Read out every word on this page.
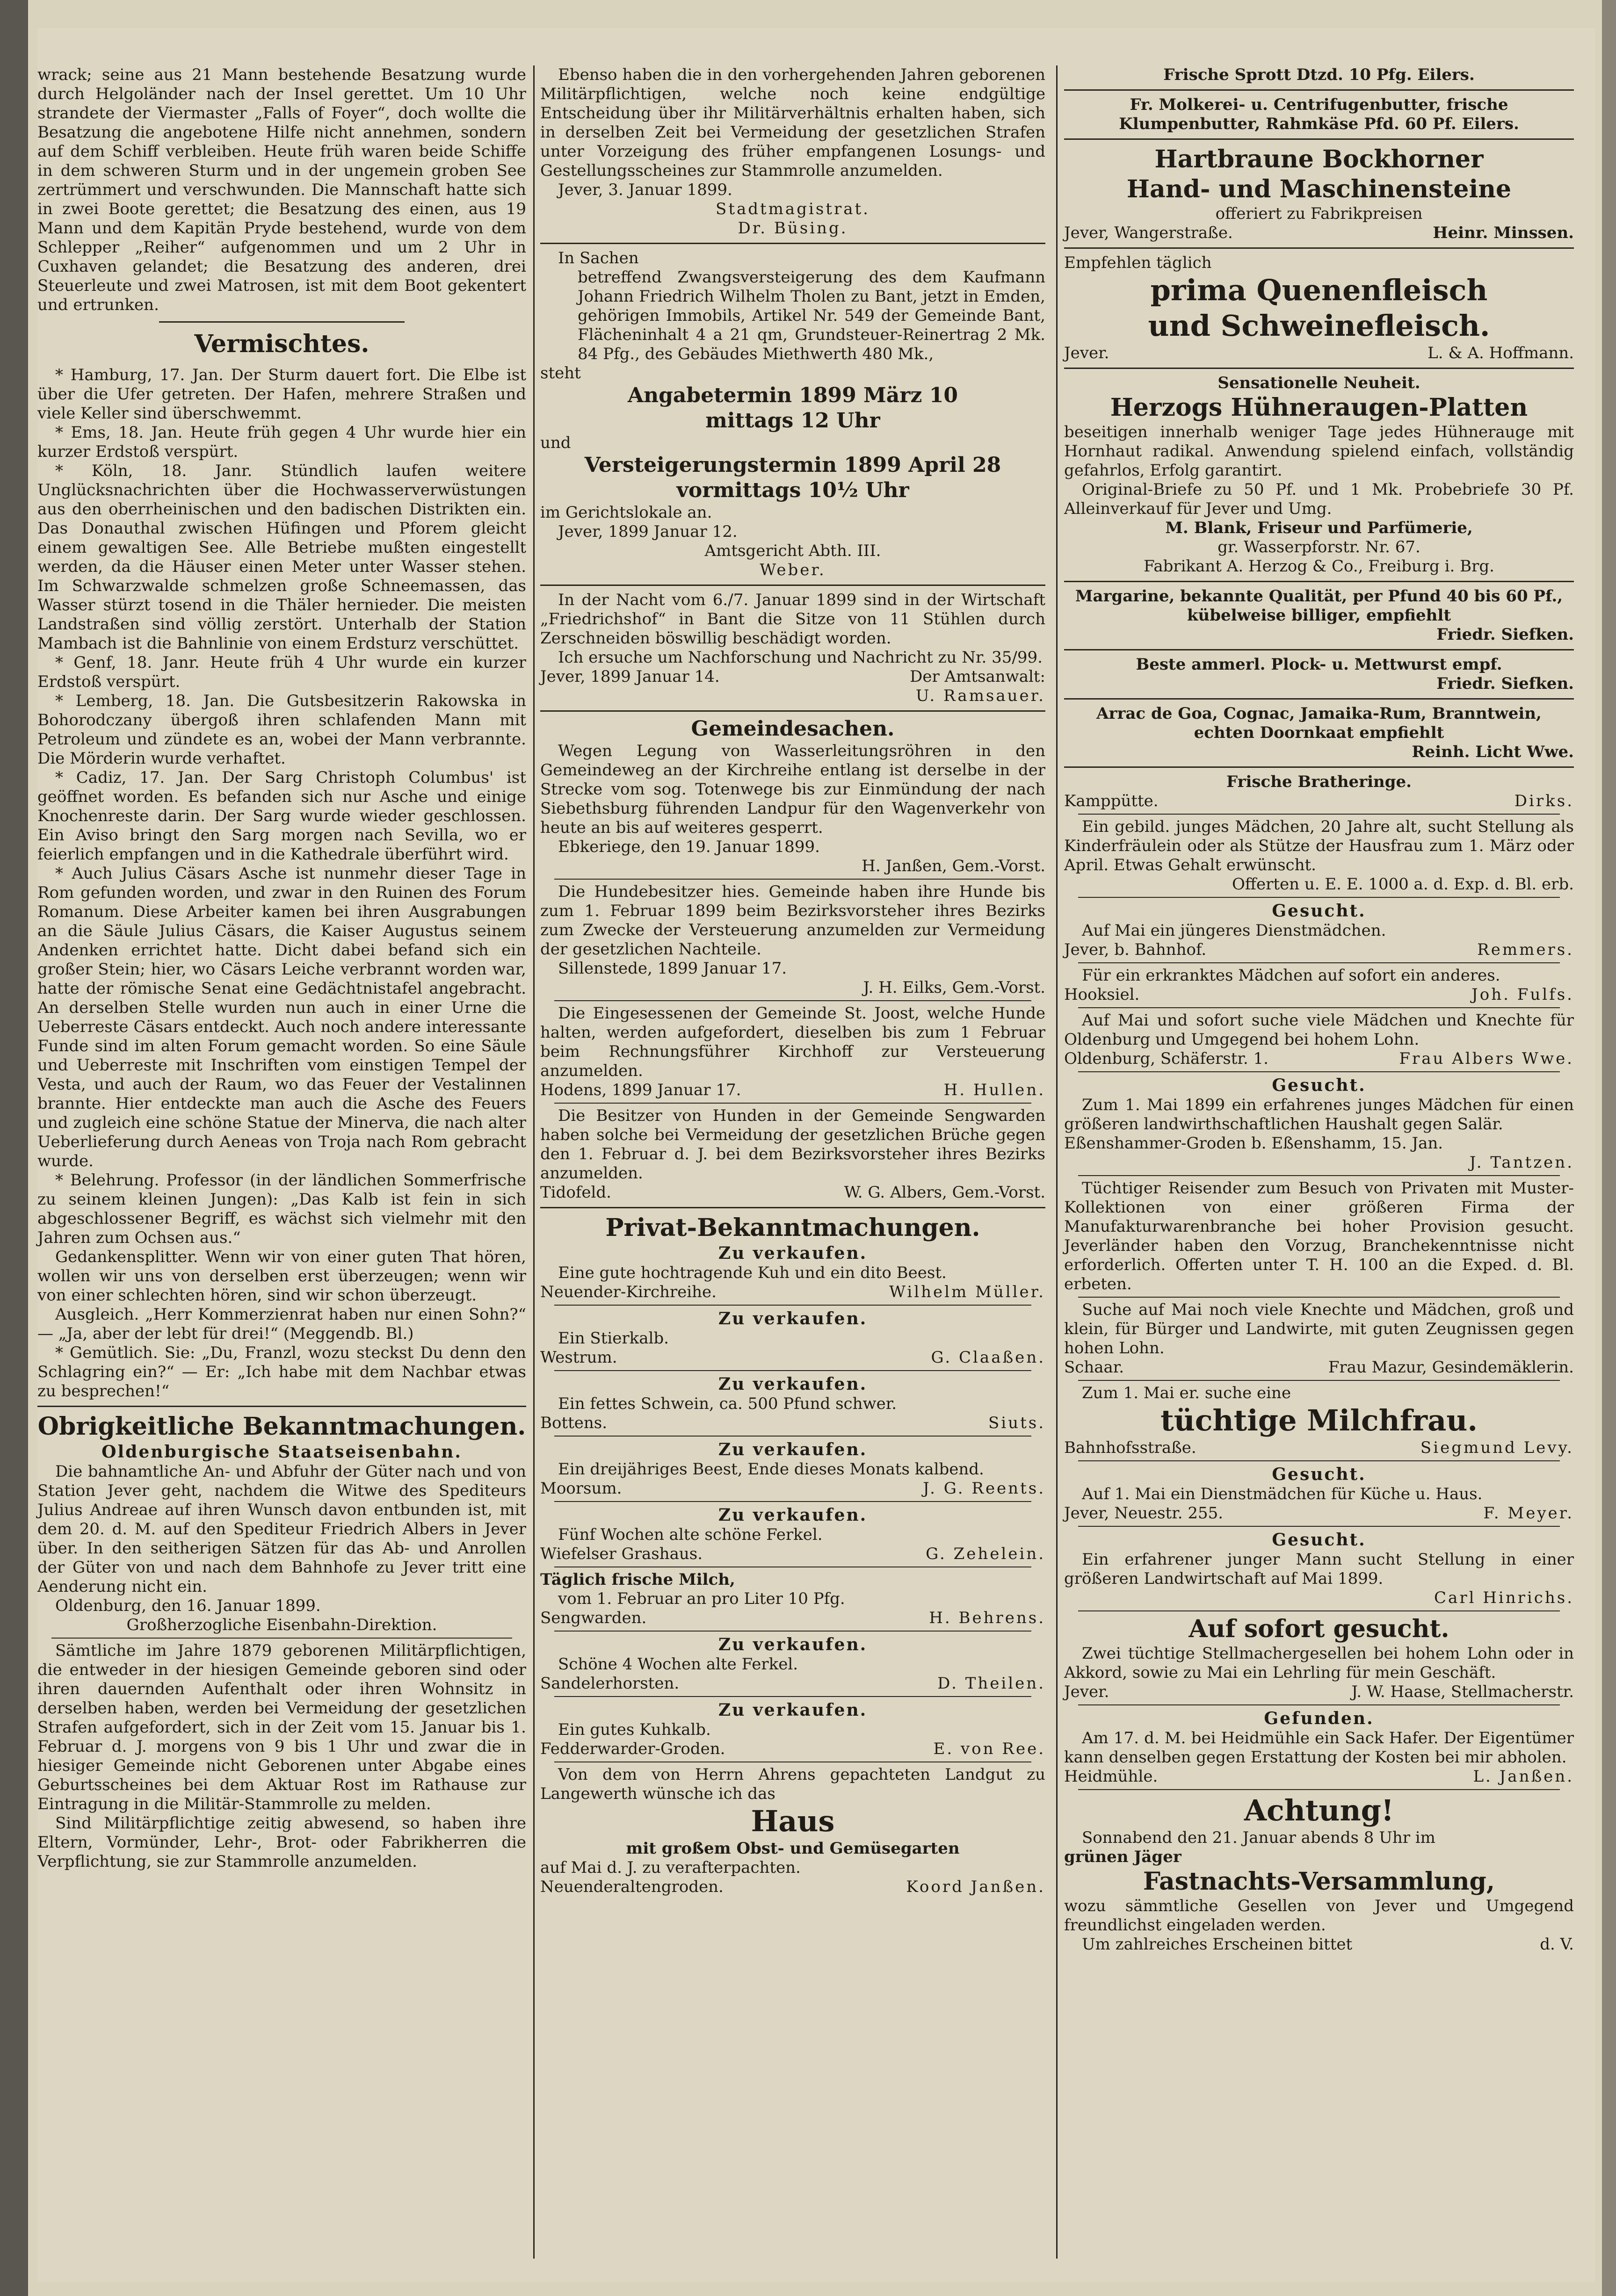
wrack; seine aus 21 Mann bestehende Besatzung wurde durch Helgoländer nach der Insel gerettet. Um 10 Uhr strandete der Viermaster „Falls of Foyer“, doch wollte die Besatzung die angebotene Hilfe nicht annehmen, sondern auf dem Schiff verbleiben. Heute früh waren beide Schiffe in dem schweren Sturm und in der ungemein groben See zertrümmert und verschwunden. Die Mannschaft hatte sich in zwei Boote gerettet; die Besatzung des einen, aus 19 Mann und dem Kapitän Pryde bestehend, wurde von dem Schlepper „Reiher“ aufgenommen und um 2 Uhr in Cuxhaven gelandet; die Besatzung des anderen, drei Steuerleute und zwei Matrosen, ist mit dem Boot gekentert und ertrunken.

Vermischtes.

* Hamburg, 17. Jan. Der Sturm dauert fort. Die Elbe ist über die Ufer getreten. Der Hafen, mehrere Straßen und viele Keller sind überschwemmt.

* Ems, 18. Jan. Heute früh gegen 4 Uhr wurde hier ein kurzer Erdstoß verspürt.

* Köln, 18. Janr. Stündlich laufen weitere Unglücksnachrichten über die Hochwasserverwüstungen aus den oberrheinischen und den badischen Distrikten ein. Das Donauthal zwischen Hüfingen und Pforem gleicht einem gewaltigen See. Alle Betriebe mußten eingestellt werden, da die Häuser einen Meter unter Wasser stehen. Im Schwarzwalde schmelzen große Schneemassen, das Wasser stürzt tosend in die Thäler hernieder. Die meisten Landstraßen sind völlig zerstört. Unterhalb der Station Mambach ist die Bahnlinie von einem Erdsturz verschüttet.

* Genf, 18. Janr. Heute früh 4 Uhr wurde ein kurzer Erdstoß verspürt.

* Lemberg, 18. Jan. Die Gutsbesitzerin Rakowska in Bohorodczany übergoß ihren schlafenden Mann mit Petroleum und zündete es an, wobei der Mann verbrannte. Die Mörderin wurde verhaftet.

* Cadiz, 17. Jan. Der Sarg Christoph Columbus' ist geöffnet worden. Es befanden sich nur Asche und einige Knochenreste darin. Der Sarg wurde wieder geschlossen. Ein Aviso bringt den Sarg morgen nach Sevilla, wo er feierlich empfangen und in die Kathedrale überführt wird.

* Auch Julius Cäsars Asche ist nunmehr dieser Tage in Rom gefunden worden, und zwar in den Ruinen des Forum Romanum. Diese Arbeiter kamen bei ihren Ausgrabungen an die Säule Julius Cäsars, die Kaiser Augustus seinem Andenken errichtet hatte. Dicht dabei befand sich ein großer Stein; hier, wo Cäsars Leiche verbrannt worden war, hatte der römische Senat eine Gedächtnistafel angebracht. An derselben Stelle wurden nun auch in einer Urne die Ueberreste Cäsars entdeckt. Auch noch andere interessante Funde sind im alten Forum gemacht worden. So eine Säule und Ueberreste mit Inschriften vom einstigen Tempel der Vesta, und auch der Raum, wo das Feuer der Vestalinnen brannte. Hier entdeckte man auch die Asche des Feuers und zugleich eine schöne Statue der Minerva, die nach alter Ueberlieferung durch Aeneas von Troja nach Rom gebracht wurde.

* Belehrung. Professor (in der ländlichen Sommerfrische zu seinem kleinen Jungen): „Das Kalb ist fein in sich abgeschlossener Begriff, es wächst sich vielmehr mit den Jahren zum Ochsen aus.“

Gedankensplitter. Wenn wir von einer guten That hören, wollen wir uns von derselben erst überzeugen; wenn wir von einer schlechten hören, sind wir schon überzeugt.

Ausgleich. „Herr Kommerzienrat haben nur einen Sohn?“ — „Ja, aber der lebt für drei!“ (Meggendb. Bl.)

* Gemütlich. Sie: „Du, Franzl, wozu steckst Du denn den Schlagring ein?“ — Er: „Ich habe mit dem Nachbar etwas zu besprechen!“

Obrigkeitliche Bekanntmachungen.
Oldenburgische Staatseisenbahn.

Die bahnamtliche An- und Abfuhr der Güter nach und von Station Jever geht, nachdem die Witwe des Spediteurs Julius Andreae auf ihren Wunsch davon entbunden ist, mit dem 20. d. M. auf den Spediteur Friedrich Albers in Jever über. In den seitherigen Sätzen für das Ab- und Anrollen der Güter von und nach dem Bahnhofe zu Jever tritt eine Aenderung nicht ein.

Oldenburg, den 16. Januar 1899.

Großherzogliche Eisenbahn-Direktion.

Sämtliche im Jahre 1879 geborenen Militärpflichtigen, die entweder in der hiesigen Gemeinde geboren sind oder ihren dauernden Aufenthalt oder ihren Wohnsitz in derselben haben, werden bei Vermeidung der gesetzlichen Strafen aufgefordert, sich in der Zeit vom 15. Januar bis 1. Februar d. J. morgens von 9 bis 1 Uhr und zwar die in hiesiger Gemeinde nicht Geborenen unter Abgabe eines Geburtsscheines bei dem Aktuar Rost im Rathause zur Eintragung in die Militär-Stammrolle zu melden.

Sind Militärpflichtige zeitig abwesend, so haben ihre Eltern, Vormünder, Lehr-, Brot- oder Fabrikherren die Verpflichtung, sie zur Stammrolle anzumelden.

Ebenso haben die in den vorhergehenden Jahren geborenen Militärpflichtigen, welche noch keine endgültige Entscheidung über ihr Militärverhältnis erhalten haben, sich in derselben Zeit bei Vermeidung der gesetzlichen Strafen unter Vorzeigung des früher empfangenen Losungs- und Gestellungsscheines zur Stammrolle anzumelden.

Jever, 3. Januar 1899.

Stadtmagistrat.

Dr. Büsing.

In Sachen

betreffend Zwangsversteigerung des dem Kaufmann Johann Friedrich Wilhelm Tholen zu Bant, jetzt in Emden, gehörigen Immobils, Artikel Nr. 549 der Gemeinde Bant, Flächeninhalt 4 a 21 qm, Grundsteuer-Reinertrag 2 Mk. 84 Pfg., des Gebäudes Miethwerth 480 Mk.,

steht

Angabetermin 1899 März 10
mittags 12 Uhr

und

Versteigerungstermin 1899 April 28
vormittags 10½ Uhr

im Gerichtslokale an.

Jever, 1899 Januar 12.

Amtsgericht Abth. III.

Weber.

In der Nacht vom 6./7. Januar 1899 sind in der Wirtschaft „Friedrichshof“ in Bant die Sitze von 11 Stühlen durch Zerschneiden böswillig beschädigt worden.

Ich ersuche um Nachforschung und Nachricht zu Nr. 35/99.

Jever, 1899 Januar 14.	Der Amtsanwalt:

U. Ramsauer.

Gemeindesachen.

Wegen Legung von Wasserleitungsröhren in den Gemeindeweg an der Kirchreihe entlang ist derselbe in der Strecke vom sog. Totenwege bis zur Einmündung der nach Siebethsburg führenden Landpur für den Wagenverkehr von heute an bis auf weiteres gesperrt.

Ebkeriege, den 19. Januar 1899.

H. Janßen, Gem.-Vorst.

Die Hundebesitzer hies. Gemeinde haben ihre Hunde bis zum 1. Februar 1899 beim Bezirksvorsteher ihres Bezirks zum Zwecke der Versteuerung anzumelden zur Vermeidung der gesetzlichen Nachteile.

Sillenstede, 1899 Januar 17.

J. H. Eilks, Gem.-Vorst.

Die Eingesessenen der Gemeinde St. Joost, welche Hunde halten, werden aufgefordert, dieselben bis zum 1 Februar beim Rechnungsführer Kirchhoff zur Versteuerung anzumelden.

Hodens, 1899 Januar 17.	H. Hullen.

Die Besitzer von Hunden in der Gemeinde Sengwarden haben solche bei Vermeidung der gesetzlichen Brüche gegen den 1. Februar d. J. bei dem Bezirksvorsteher ihres Bezirks anzumelden.

Tidofeld.	W. G. Albers, Gem.-Vorst.
Privat-Bekanntmachungen.
Zu verkaufen.

Eine gute hochtragende Kuh und ein dito Beest.

Neuender-Kirchreihe.	Wilhelm Müller.
Zu verkaufen.

Ein Stierkalb.

Westrum.	G. Claaßen.
Zu verkaufen.

Ein fettes Schwein, ca. 500 Pfund schwer.

Bottens.	Siuts.
Zu verkaufen.

Ein dreijähriges Beest, Ende dieses Monats kalbend.

Moorsum.	J. G. Reents.
Zu verkaufen.

Fünf Wochen alte schöne Ferkel.

Wiefelser Grashaus.	G. Zehelein.

Täglich frische Milch,

vom 1. Februar an pro Liter 10 Pfg.

Sengwarden.	H. Behrens.
Zu verkaufen.

Schöne 4 Wochen alte Ferkel.

Sandelerhorsten.	D. Theilen.
Zu verkaufen.

Ein gutes Kuhkalb.

Fedderwarder-Groden.	E. von Ree.

Von dem von Herrn Ahrens gepachteten Landgut zu Langewerth wünsche ich das

Haus

mit großem Obst- und Gemüsegarten

auf Mai d. J. zu verafterpachten.

Neuenderaltengroden.	Koord Janßen.

Frische Sprott Dtzd. 10 Pfg. Eilers.

Fr. Molkerei- u. Centrifugenbutter, frische Klumpenbutter, Rahmkäse Pfd. 60 Pf. Eilers.

Hartbraune Bockhorner
Hand- und Maschinensteine

offeriert zu Fabrikpreisen

Jever, Wangerstraße.	Heinr. Minssen.

Empfehlen täglich

prima Quenenfleisch
und Schweinefleisch.
Jever.	L. & A. Hoffmann.

Sensationelle Neuheit.

Herzogs Hühneraugen-Platten

beseitigen innerhalb weniger Tage jedes Hühnerauge mit Hornhaut radikal. Anwendung spielend einfach, vollständig gefahrlos, Erfolg garantirt.

Original-Briefe zu 50 Pf. und 1 Mk. Probebriefe 30 Pf. Alleinverkauf für Jever und Umg.

M. Blank, Friseur und Parfümerie,

gr. Wasserpforstr. Nr. 67.

Fabrikant A. Herzog & Co., Freiburg i. Brg.

Margarine, bekannte Qualität, per Pfund 40 bis 60 Pf., kübelweise billiger, empfiehlt

Friedr. Siefken.

Beste ammerl. Plock- u. Mettwurst empf.

Friedr. Siefken.

Arrac de Goa, Cognac, Jamaika-Rum, Branntwein, echten Doornkaat empfiehlt

Reinh. Licht Wwe.

Frische Bratheringe.

Kamppütte.	Dirks.

Ein gebild. junges Mädchen, 20 Jahre alt, sucht Stellung als Kinderfräulein oder als Stütze der Hausfrau zum 1. März oder April. Etwas Gehalt erwünscht.

Offerten u. E. E. 1000 a. d. Exp. d. Bl. erb.

Gesucht.

Auf Mai ein jüngeres Dienstmädchen.

Jever, b. Bahnhof.	Remmers.

Für ein erkranktes Mädchen auf sofort ein anderes.

Hooksiel.	Joh. Fulfs.

Auf Mai und sofort suche viele Mädchen und Knechte für Oldenburg und Umgegend bei hohem Lohn.

Oldenburg, Schäferstr. 1.	Frau Albers Wwe.
Gesucht.

Zum 1. Mai 1899 ein erfahrenes junges Mädchen für einen größeren landwirthschaftlichen Haushalt gegen Salär.

Eßenshammer-Groden b. Eßenshamm, 15. Jan.

J. Tantzen.

Tüchtiger Reisender zum Besuch von Privaten mit Muster-Kollektionen von einer größeren Firma der Manufakturwarenbranche bei hoher Provision gesucht. Jeverländer haben den Vorzug, Branchekenntnisse nicht erforderlich. Offerten unter T. H. 100 an die Exped. d. Bl. erbeten.

Suche auf Mai noch viele Knechte und Mädchen, groß und klein, für Bürger und Landwirte, mit guten Zeugnissen gegen hohen Lohn.

Schaar.	Frau Mazur, Gesindemäklerin.

Zum 1. Mai er. suche eine

tüchtige Milchfrau.
Bahnhofsstraße.	Siegmund Levy.
Gesucht.

Auf 1. Mai ein Dienstmädchen für Küche u. Haus.

Jever, Neuestr. 255.	F. Meyer.
Gesucht.

Ein erfahrener junger Mann sucht Stellung in einer größeren Landwirtschaft auf Mai 1899.

Carl Hinrichs.

Auf sofort gesucht.

Zwei tüchtige Stellmachergesellen bei hohem Lohn oder in Akkord, sowie zu Mai ein Lehrling für mein Geschäft.

Jever.	J. W. Haase, Stellmacherstr.
Gefunden.

Am 17. d. M. bei Heidmühle ein Sack Hafer. Der Eigentümer kann denselben gegen Erstattung der Kosten bei mir abholen.

Heidmühle.	L. Janßen.
Achtung!

Sonnabend den 21. Januar abends 8 Uhr im

grünen Jäger

Fastnachts-Versammlung,

wozu sämmtliche Gesellen von Jever und Umgegend freundlichst eingeladen werden.

Um zahlreiches Erscheinen bittet	d. V.
